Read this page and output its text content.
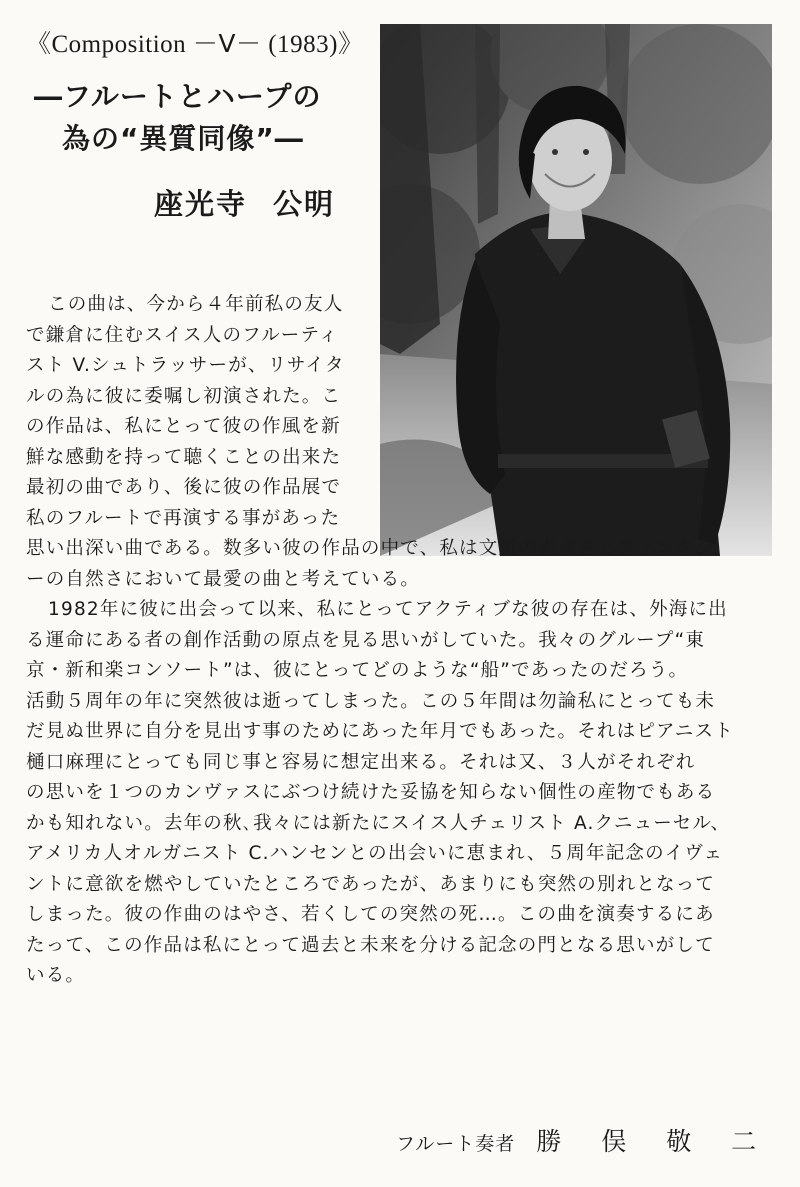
《Composition －Ⅴ－ (1983)》
―フルートとハープの
為の“異質同像”―
座光寺 公明
この曲は、今から４年前私の友人
で鎌倉に住むスイス人のフルーティ
スト V.シュトラッサーが、リサイタ
ルの為に彼に委嘱し初演された。こ
の作品は、私にとって彼の作風を新
鮮な感動を持って聴くことの出来た
最初の曲であり、後に彼の作品展で
私のフルートで再演する事があった
思い出深い曲である。数多い彼の作品の中で、私は文脈の素直さとファンタジ
ーの自然さにおいて最愛の曲と考えている。
1982年に彼に出会って以来、私にとってアクティブな彼の存在は、外海に出
る運命にある者の創作活動の原点を見る思いがしていた。我々のグループ“東
京・新和楽コンソート”は、彼にとってどのような“船”であったのだろう。
活動５周年の年に突然彼は逝ってしまった。この５年間は勿論私にとっても未
だ見ぬ世界に自分を見出す事のためにあった年月でもあった。それはピアニスト
樋口麻理にとっても同じ事と容易に想定出来る。それは又、３人がそれぞれ
の思いを１つのカンヴァスにぶつけ続けた妥協を知らない個性の産物でもある
かも知れない。去年の秋､我々には新たにスイス人チェリスト A.クニューセル、
アメリカ人オルガニスト C.ハンセンとの出会いに恵まれ、５周年記念のイヴェ
ントに意欲を燃やしていたところであったが、あまりにも突然の別れとなって
しまった。彼の作曲のはやさ、若くしての突然の死…。この曲を演奏するにあ
たって、この作品は私にとって過去と未来を分ける記念の門となる思いがして
いる。
フルート奏者 勝 俣 敬 二
